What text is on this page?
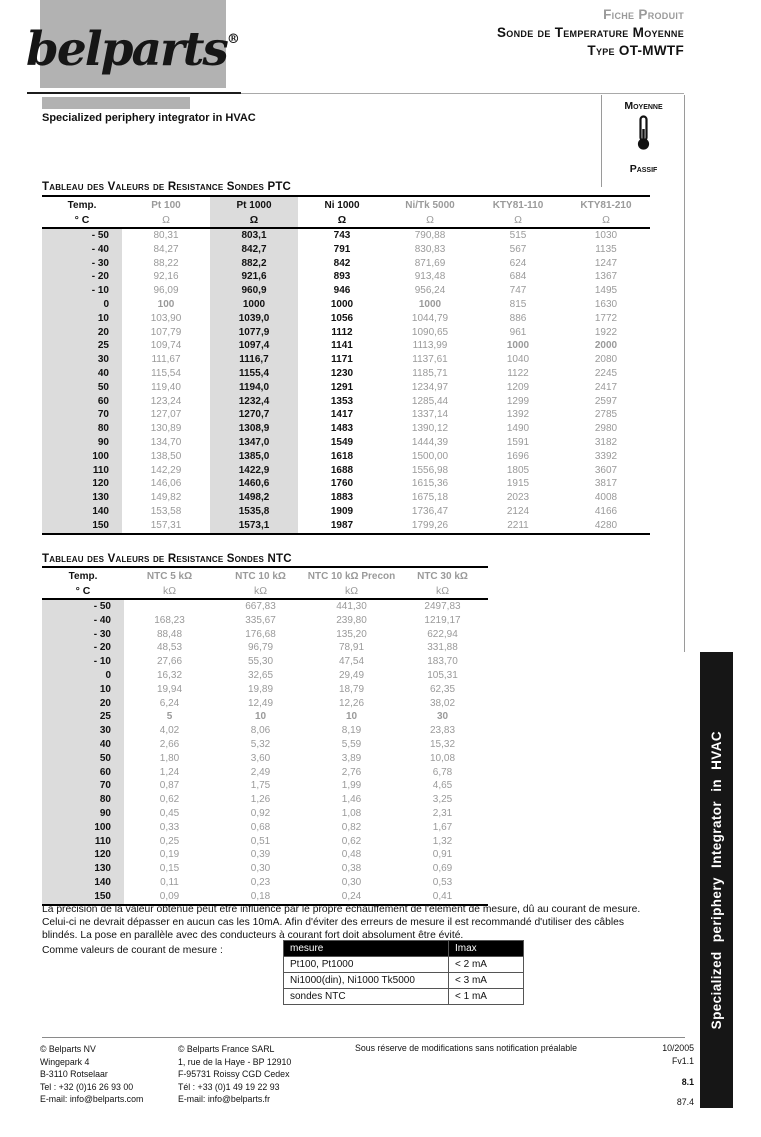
belparts®
Specialized periphery integrator in HVAC
Fiche Produit
Sonde de Temperature Moyenne
Type OT-MWTF
Moyenne
Passif
Tableau des Valeurs de Resistance Sondes PTC
Temp.	Pt 100	Pt 1000	Ni 1000	Ni/Tk 5000	KTY81-110	KTY81-210
° C	Ω	Ω	Ω	Ω	Ω	Ω
- 50	80,31	803,1	743	790,88	515	1030
- 40	84,27	842,7	791	830,83	567	1135
- 30	88,22	882,2	842	871,69	624	1247
- 20	92,16	921,6	893	913,48	684	1367
- 10	96,09	960,9	946	956,24	747	1495
0	100	1000	1000	1000	815	1630
10	103,90	1039,0	1056	1044,79	886	1772
20	107,79	1077,9	1112	1090,65	961	1922
25	109,74	1097,4	1141	1113,99	1000	2000
30	111,67	1116,7	1171	1137,61	1040	2080
40	115,54	1155,4	1230	1185,71	1122	2245
50	119,40	1194,0	1291	1234,97	1209	2417
60	123,24	1232,4	1353	1285,44	1299	2597
70	127,07	1270,7	1417	1337,14	1392	2785
80	130,89	1308,9	1483	1390,12	1490	2980
90	134,70	1347,0	1549	1444,39	1591	3182
100	138,50	1385,0	1618	1500,00	1696	3392
110	142,29	1422,9	1688	1556,98	1805	3607
120	146,06	1460,6	1760	1615,36	1915	3817
130	149,82	1498,2	1883	1675,18	2023	4008
140	153,58	1535,8	1909	1736,47	2124	4166
150	157,31	1573,1	1987	1799,26	2211	4280
Tableau des Valeurs de Resistance Sondes NTC
Temp.	NTC 5 kΩ	NTC 10 kΩ	NTC 10 kΩ Precon	NTC 30 kΩ
° C	kΩ	kΩ	kΩ	kΩ
- 50		667,83	441,30	2497,83
- 40	168,23	335,67	239,80	1219,17
- 30	88,48	176,68	135,20	622,94
- 20	48,53	96,79	78,91	331,88
- 10	27,66	55,30	47,54	183,70
0	16,32	32,65	29,49	105,31
10	19,94	19,89	18,79	62,35
20	6,24	12,49	12,26	38,02
25	5	10	10	30
30	4,02	8,06	8,19	23,83
40	2,66	5,32	5,59	15,32
50	1,80	3,60	3,89	10,08
60	1,24	2,49	2,76	6,78
70	0,87	1,75	1,99	4,65
80	0,62	1,26	1,46	3,25
90	0,45	0,92	1,08	2,31
100	0,33	0,68	0,82	1,67
110	0,25	0,51	0,62	1,32
120	0,19	0,39	0,48	0,91
130	0,15	0,30	0,38	0,69
140	0,11	0,23	0,30	0,53
150	0,09	0,18	0,24	0,41
La précision de la valeur obtenue peut être influencé par le propre échauffement de l'élément de mesure, dû au courant de mesure.
Celui-ci ne devrait dépasser en aucun cas les 10mA. Afin d'éviter des erreurs de mesure il est recommandé d'utiliser des câbles
blindés. La pose en parallèle avec des conducteurs à courant fort doit absolument être évité.
Comme valeurs de courant de mesure :	mesure	Imax
Pt100, Pt1000	< 2 mA
Ni1000(din), Ni1000 Tk5000	< 3 mA
sondes NTC	< 1 mA
© Belparts NV
Wingepark 4
B-3110 Rotselaar
Tel : +32 (0)16 26 93 00
E-mail: info@belparts.com
© Belparts France SARL
1, rue de la Haye - BP 12910
F-95731 Roissy CGD Cedex
Tél : +33 (0)1 49 19 22 93
E-mail: info@belparts.fr
Sous réserve de modifications sans notification préalable	10/2005
Fv1.1
8.1
87.4
Specialized periphery Integrator in HVAC
